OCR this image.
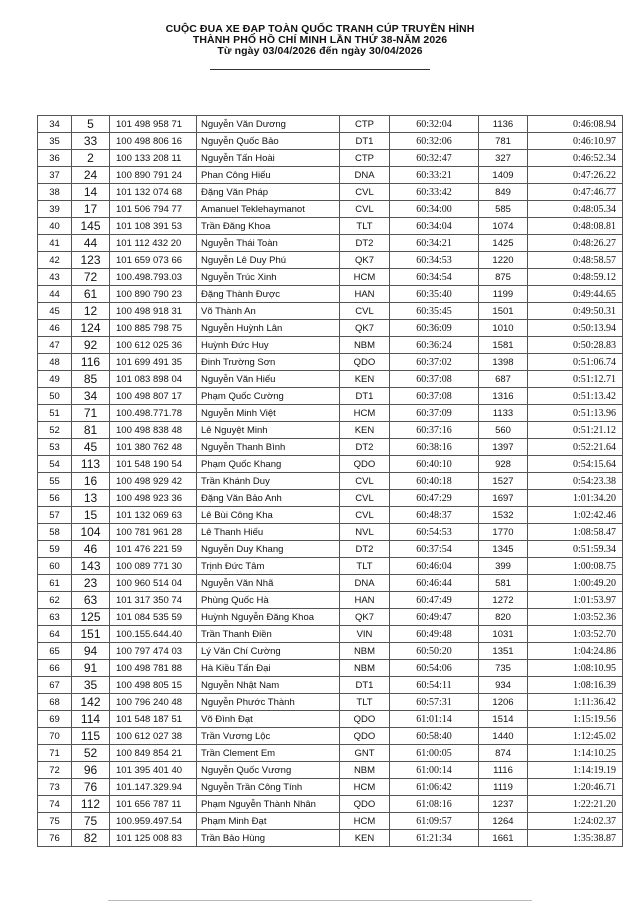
CUỘC ĐUA XE ĐẠP TOÀN QUỐC TRANH CÚP TRUYỀN HÌNH
THÀNH PHỐ HỒ CHÍ MINH LẦN THỨ 38-NĂM 2026
Từ ngày 03/04/2026 đến ngày 30/04/2026
34	5	101 498 958 71	Nguyễn Văn Dương	CTP	60:32:04	1136	0:46:08.94
35	33	100 498 806 16	Nguyễn Quốc Bảo	DT1	60:32:06	781	0:46:10.97
36	2	100 133 208 11	Nguyễn Tấn Hoài	CTP	60:32:47	327	0:46:52.34
37	24	100 890 791 24	Phan Công Hiếu	DNA	60:33:21	1409	0:47:26.22
38	14	101 132 074 68	Đặng Văn Pháp	CVL	60:33:42	849	0:47:46.77
39	17	101 506 794 77	Amanuel Teklehaymanot	CVL	60:34:00	585	0:48:05.34
40	145	101 108 391 53	Trần Đăng Khoa	TLT	60:34:04	1074	0:48:08.81
41	44	101 112 432 20	Nguyễn Thái Toàn	DT2	60:34:21	1425	0:48:26.27
42	123	101 659 073 66	Nguyễn Lê Duy Phú	QK7	60:34:53	1220	0:48:58.57
43	72	100.498.793.03	Nguyễn Trúc Xinh	HCM	60:34:54	875	0:48:59.12
44	61	100 890 790 23	Đặng Thành Được	HAN	60:35:40	1199	0:49:44.65
45	12	100 498 918 31	Võ Thành An	CVL	60:35:45	1501	0:49:50.31
46	124	100 885 798 75	Nguyễn Huỳnh Lân	QK7	60:36:09	1010	0:50:13.94
47	92	100 612 025 36	Huỳnh Đức Huy	NBM	60:36:24	1581	0:50:28.83
48	116	101 699 491 35	Đinh Trường Sơn	QDO	60:37:02	1398	0:51:06.74
49	85	101 083 898 04	Nguyễn Văn Hiếu	KEN	60:37:08	687	0:51:12.71
50	34	100 498 807 17	Phạm Quốc Cường	DT1	60:37:08	1316	0:51:13.42
51	71	100.498.771.78	Nguyễn Minh Việt	HCM	60:37:09	1133	0:51:13.96
52	81	100 498 838 48	Lê Nguyệt Minh	KEN	60:37:16	560	0:51:21.12
53	45	101 380 762 48	Nguyễn Thanh Bình	DT2	60:38:16	1397	0:52:21.64
54	113	101 548 190 54	Phạm Quốc Khang	QDO	60:40:10	928	0:54:15.64
55	16	100 498 929 42	Trần Khánh Duy	CVL	60:40:18	1527	0:54:23.38
56	13	100 498 923 36	Đặng Văn Bảo Anh	CVL	60:47:29	1697	1:01:34.20
57	15	101 132 069 63	Lê Bùi Công Kha	CVL	60:48:37	1532	1:02:42.46
58	104	100 781 961 28	Lê Thanh Hiếu	NVL	60:54:53	1770	1:08:58.47
59	46	101 476 221 59	Nguyễn Duy Khang	DT2	60:37:54	1345	0:51:59.34
60	143	100 089 771 30	Trịnh Đức Tâm	TLT	60:46:04	399	1:00:08.75
61	23	100 960 514 04	Nguyễn Văn Nhã	DNA	60:46:44	581	1:00:49.20
62	63	101 317 350 74	Phùng Quốc Hà	HAN	60:47:49	1272	1:01:53.97
63	125	101 084 535 59	Huỳnh Nguyễn Đăng Khoa	QK7	60:49:47	820	1:03:52.36
64	151	100.155.644.40	Trần Thanh Điền	VIN	60:49:48	1031	1:03:52.70
65	94	100 797 474 03	Lý Văn Chí Cường	NBM	60:50:20	1351	1:04:24.86
66	91	100 498 781 88	Hà Kiều Tấn Đại	NBM	60:54:06	735	1:08:10.95
67	35	100 498 805 15	Nguyễn Nhật Nam	DT1	60:54:11	934	1:08:16.39
68	142	100 796 240 48	Nguyễn Phước Thành	TLT	60:57:31	1206	1:11:36.42
69	114	101 548 187 51	Võ Đình Đạt	QDO	61:01:14	1514	1:15:19.56
70	115	100 612 027 38	Trần Vương Lộc	QDO	60:58:40	1440	1:12:45.02
71	52	100 849 854 21	Trần Clement Em	GNT	61:00:05	874	1:14:10.25
72	96	101 395 401 40	Nguyễn Quốc Vương	NBM	61:00:14	1116	1:14:19.19
73	76	101.147.329.94	Nguyễn Trần Công Tính	HCM	61:06:42	1119	1:20:46.71
74	112	101 656 787 11	Phạm Nguyễn Thành Nhân	QDO	61:08:16	1237	1:22:21.20
75	75	100.959.497.54	Phạm Minh Đạt	HCM	61:09:57	1264	1:24:02.37
76	82	101 125 008 83	Trần Bảo Hùng	KEN	61:21:34	1661	1:35:38.87
